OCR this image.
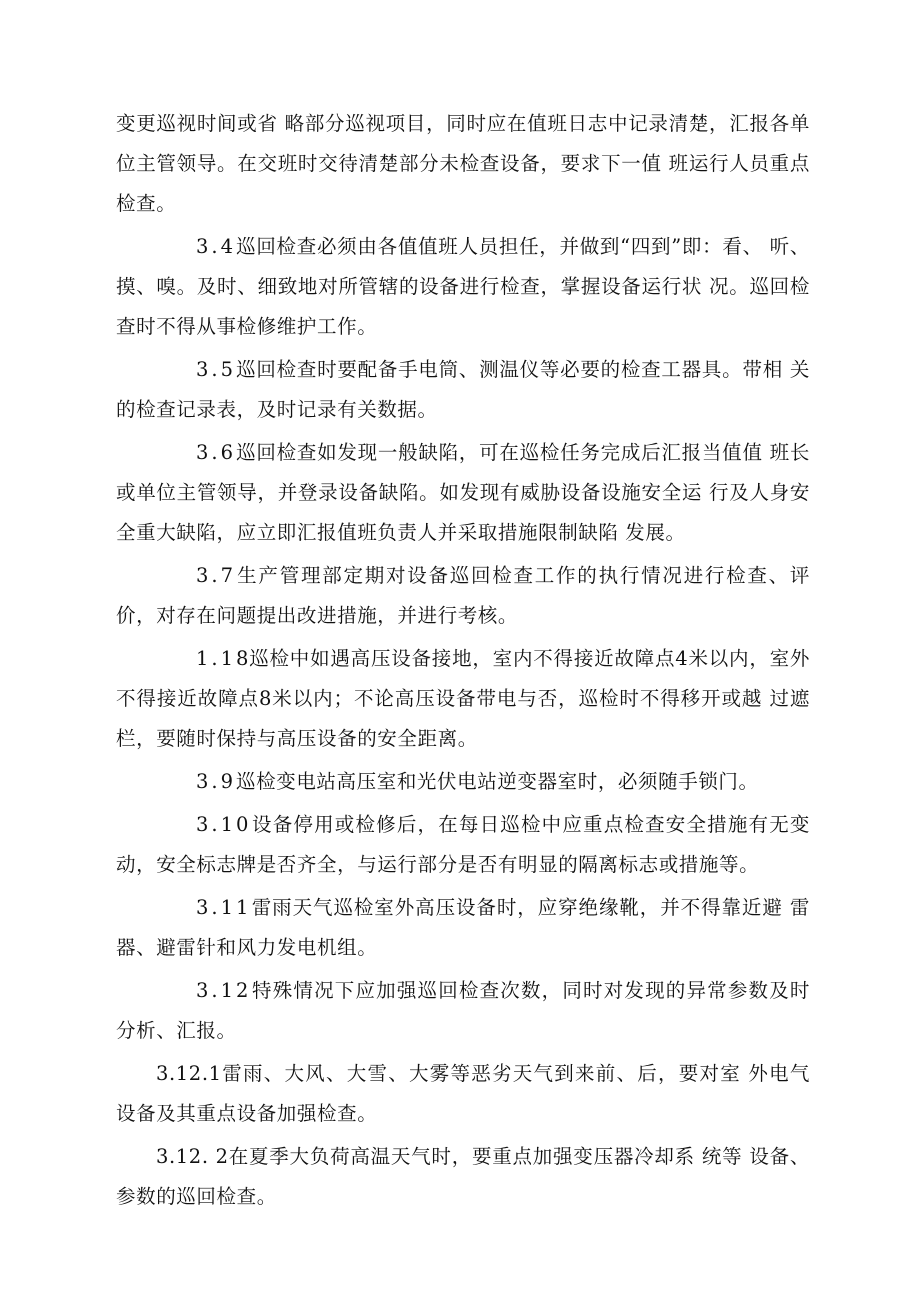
变更巡视时间或省 略部分巡视项目，同时应在值班日志中记录清楚，汇报各单位主管领导。在交班时交待清楚部分未检查设备，要求下一值 班运行人员重点检查。

3.4巡回检查必须由各值值班人员担任，并做到“四到”即：看、 听、摸、嗅。及时、细致地对所管辖的设备进行检查，掌握设备运行状 况。巡回检查时不得从事检修维护工作。

3.5巡回检查时要配备手电筒、测温仪等必要的检查工器具。带相 关的检查记录表，及时记录有关数据。

3.6巡回检查如发现一般缺陷，可在巡检任务完成后汇报当值值 班长或单位主管领导，并登录设备缺陷。如发现有威胁设备设施安全运 行及人身安全重大缺陷，应立即汇报值班负责人并采取措施限制缺陷 发展。

3.7生产管理部定期对设备巡回检查工作的执行情况进行检查、评 价，对存在问题提出改进措施，并进行考核。

1.18巡检中如遇高压设备接地，室内不得接近故障点4米以内，室外 不得接近故障点8米以内；不论高压设备带电与否，巡检时不得移开或越 过遮栏，要随时保持与高压设备的安全距离。

3.9巡检变电站高压室和光伏电站逆变器室时，必须随手锁门。

3.10设备停用或检修后，在每日巡检中应重点检查安全措施有无变 动，安全标志牌是否齐全，与运行部分是否有明显的隔离标志或措施等。

3.11雷雨天气巡检室外高压设备时，应穿绝缘靴，并不得靠近避 雷器、避雷针和风力发电机组。

3.12特殊情况下应加强巡回检查次数，同时对发现的异常参数及时 分析、汇报。

3.12.1雷雨、大风、大雪、大雾等恶劣天气到来前、后，要对室 外电气设备及其重点设备加强检查。

3.12. 2在夏季大负荷高温天气时，要重点加强变压器冷却系 统等 设备、参数的巡回检查。
